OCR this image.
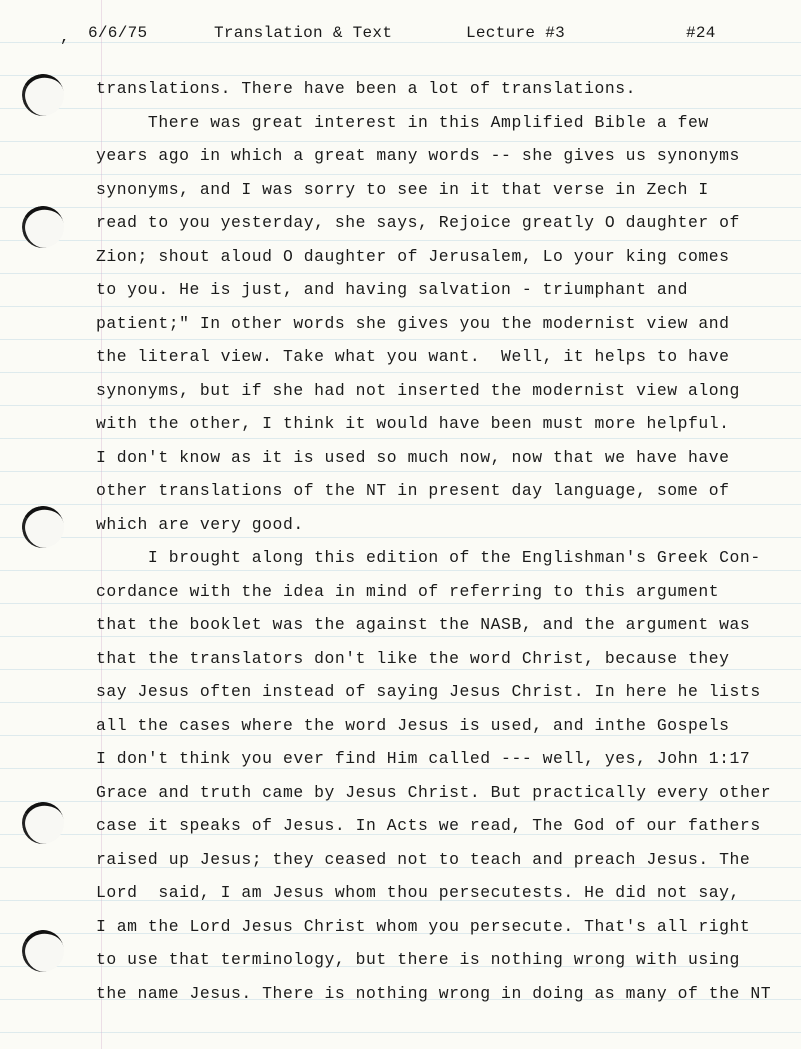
, 6/6/75	Translation & Text	Lecture #3	#24
translations. There have been a lot of translations.
There was great interest in this Amplified Bible a few
years ago in which a great many words -- she gives us synonyms
synonyms, and I was sorry to see in it that verse in Zech I
read to you yesterday, she says, Rejoice greatly O daughter of
Zion; shout aloud O daughter of Jerusalem, Lo your king comes
to you. He is just, and having salvation - triumphant and
patient;" In other words she gives you the modernist view and
the literal view. Take what you want.  Well, it helps to have
synonyms, but if she had not inserted the modernist view along
with the other, I think it would have been must more helpful.
I don't know as it is used so much now, now that we have have
other translations of the NT in present day language, some of
which are very good.
I brought along this edition of the Englishman's Greek Con-
cordance with the idea in mind of referring to this argument
that the booklet was the against the NASB, and the argument was
that the translators don't like the word Christ, because they
say Jesus often instead of saying Jesus Christ. In here he lists
all the cases where the word Jesus is used, and inthe Gospels
I don't think you ever find Him called --- well, yes, John 1:17
Grace and truth came by Jesus Christ. But practically every other
case it speaks of Jesus. In Acts we read, The God of our fathers
raised up Jesus; they ceased not to teach and preach Jesus. The
Lord  said, I am Jesus whom thou persecutests. He did not say,
I am the Lord Jesus Christ whom you persecute. That's all right
to use that terminology, but there is nothing wrong with using
the name Jesus. There is nothing wrong in doing as many of the NT
